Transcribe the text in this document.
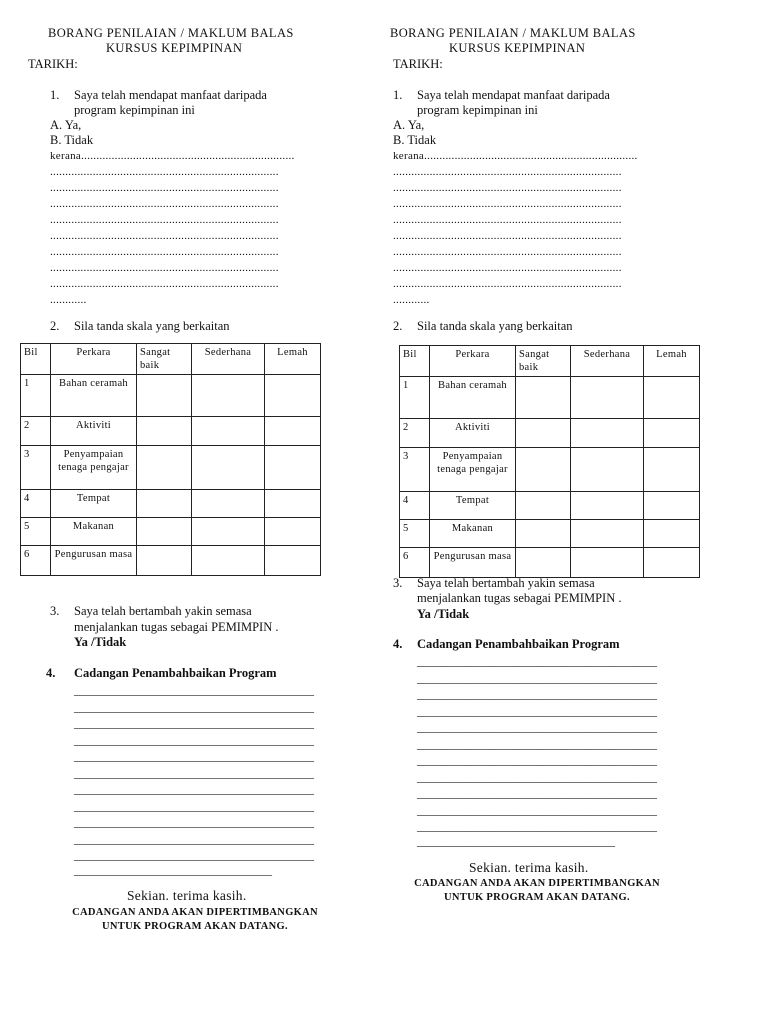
BORANG PENILAIAN / MAKLUM BALAS
KURSUS KEPIMPINAN
TARIKH:
1. Saya telah mendapat manfaat daripada
program kepimpinan ini
A. Ya,
B. Tidak
kerana......................................................................
...........................................................................
...........................................................................
...........................................................................
...........................................................................
...........................................................................
...........................................................................
...........................................................................
...........................................................................
............
2. Sila tanda skala yang berkaitan
Bil	Perkara	Sangat baik	Sederhana	Lemah
1	Bahan ceramah			
2	Aktiviti			
3	Penyampaian tenaga pengajar			
4	Tempat			
5	Makanan			
6	Pengurusan masa			
3. Saya telah bertambah yakin semasa
menjalankan tugas sebagai PEMIMPIN .
Ya /Tidak
4. Cadangan Penambahbaikan Program
________________________________________
________________________________________
________________________________________
________________________________________
________________________________________
________________________________________
________________________________________
________________________________________
________________________________________
________________________________________
________________________________________
_________________________________
Sekian. terima kasih.
CADANGAN ANDA AKAN DIPERTIMBANGKAN
UNTUK PROGRAM AKAN DATANG.
BORANG PENILAIAN / MAKLUM BALAS
KURSUS KEPIMPINAN
TARIKH:
1. Saya telah mendapat manfaat daripada
program kepimpinan ini
A. Ya,
B. Tidak
kerana......................................................................
...........................................................................
...........................................................................
...........................................................................
...........................................................................
...........................................................................
...........................................................................
...........................................................................
...........................................................................
............
2. Sila tanda skala yang berkaitan
Bil	Perkara	Sangat baik	Sederhana	Lemah
1	Bahan ceramah			
2	Aktiviti			
3	Penyampaian tenaga pengajar			
4	Tempat			
5	Makanan			
6	Pengurusan masa			
3. Saya telah bertambah yakin semasa
menjalankan tugas sebagai PEMIMPIN .
Ya /Tidak
4. Cadangan Penambahbaikan Program
________________________________________
________________________________________
________________________________________
________________________________________
________________________________________
________________________________________
________________________________________
________________________________________
________________________________________
________________________________________
________________________________________
_________________________________
Sekian. terima kasih.
CADANGAN ANDA AKAN DIPERTIMBANGKAN
UNTUK PROGRAM AKAN DATANG.
